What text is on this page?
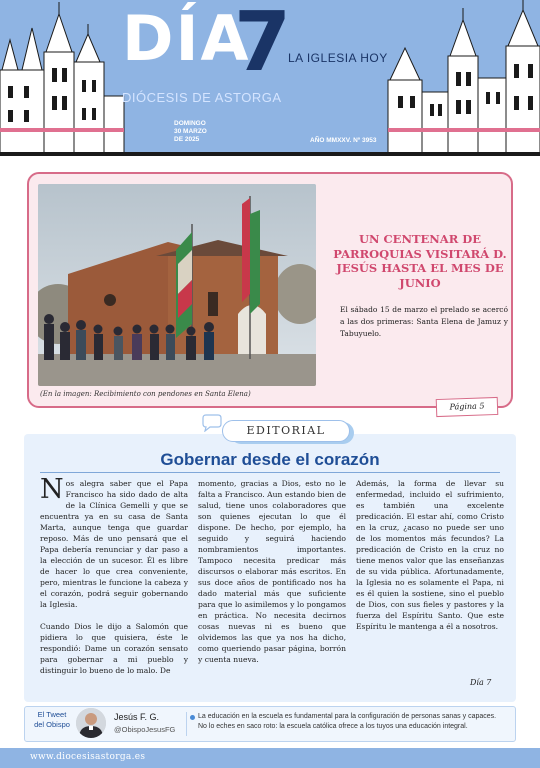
DÍA
7
LA IGLESIA HOY
DIÓCESIS DE ASTORGA
DOMINGO
30 MARZO
DE 2025	AÑO MMXXV. Nº 3953
(En la imagen: Recibimiento con pendones en Santa Elena)
UN CENTENAR DE PARROQUIAS VISITARÁ D. JESÚS HASTA EL MES DE JUNIO
El sábado 15 de marzo el prelado se acercó a las dos primeras: Santa Elena de Jamuz y Tabuyuelo.
Página 5
EDITORIAL
Gobernar desde el corazón

Nos alegra saber que el Papa Francisco ha sido dado de alta de la Clínica Gemelli y que se encuentra ya en su casa de Santa Marta, aunque tenga que guardar reposo. Más de uno pensará que el Papa debería renunciar y dar paso a la elección de un sucesor. Él es libre de hacer lo que crea conveniente, pero, mientras le funcione la cabeza y el corazón, podrá seguir gobernando la Iglesia.

Cuando Dios le dijo a Salomón que pidiera lo que quisiera, éste le respondió: Dame un corazón sensato para gobernar a mi pueblo y distinguir lo bueno de lo malo. De

momento, gracias a Dios, esto no le falta a Francisco. Aun estando bien de salud, tiene unos colaboradores que son quienes ejecutan lo que él dispone. De hecho, por ejemplo, ha seguido y seguirá haciendo nombramientos importantes. Tampoco necesita predicar más discursos o elaborar más escritos. En sus doce años de pontificado nos ha dado material más que suficiente para que lo asimilemos y lo pongamos en práctica. No necesita decirnos cosas nuevas ni es bueno que olvidemos las que ya nos ha dicho, como queriendo pasar página, borrón y cuenta nueva.

Además, la forma de llevar su enfermedad, incluido el sufrimiento, es también una excelente predicación. El estar ahí, como Cristo en la cruz, ¿acaso no puede ser uno de los momentos más fecundos? La predicación de Cristo en la cruz no tiene menos valor que las enseñanzas de su vida pública. Afortunadamente, la Iglesia no es solamente el Papa, ni es él quien la sostiene, sino el pueblo de Dios, con sus fieles y pastores y la fuerza del Espíritu Santo. Que este Espíritu le mantenga a él a nosotros.

Día 7
El Tweet
del Obispo
Jesús F. G.
@ObispoJesusFG
La educación en la escuela es fundamental para la configuración de personas sanas y capaces.
No lo eches en saco roto: la escuela católica ofrece a los tuyos una educación integral.
www.diocesisastorga.es
